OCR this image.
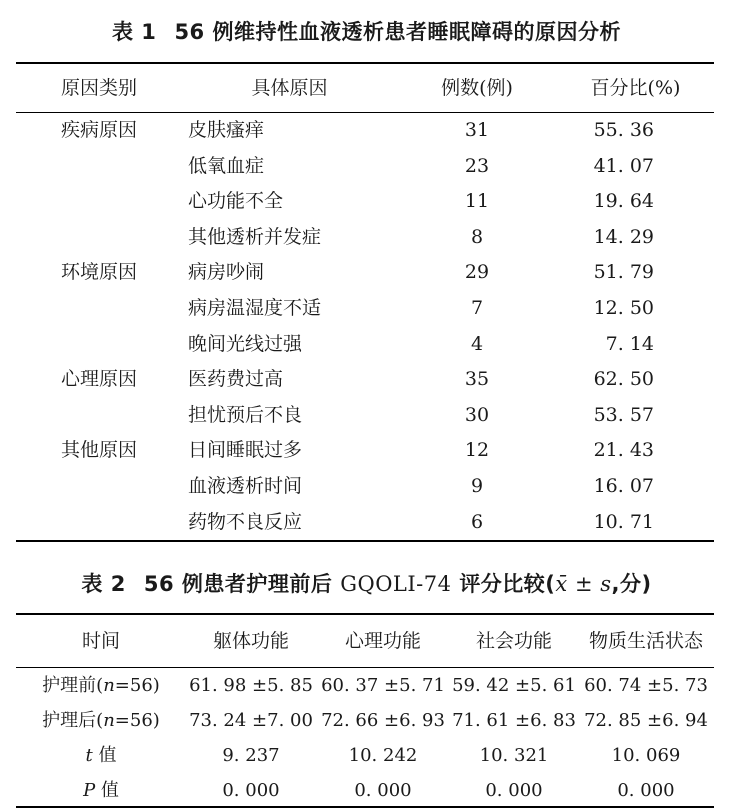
表 1 56 例维持性血液透析患者睡眠障碍的原因分析
原因类别	具体原因	例数(例)	百分比(%)

疾病原因	皮肤瘙痒	31	55. 36
	低氧血症	23	41. 07
	心功能不全	11	19. 64
	其他透析并发症	8	14. 29
环境原因	病房吵闹	29	51. 79
	病房温湿度不适	7	12. 50
	晚间光线过强	4	7. 14
心理原因	医药费过高	35	62. 50
	担忧预后不良	30	53. 57
其他原因	日间睡眠过多	12	21. 43
	血液透析时间	9	16. 07
	药物不良反应	6	10. 71
表 2 56 例患者护理前后 GQOLI-74 评分比较(x̄ ± s,分)
时间	躯体功能	心理功能	社会功能	物质生活状态

护理前(n=56)	61. 98 ±5. 85	60. 37 ±5. 71	59. 42 ±5. 61	60. 74 ±5. 73
护理后(n=56)	73. 24 ±7. 00	72. 66 ±6. 93	71. 61 ±6. 83	72. 85 ±6. 94
t 值	9. 237	10. 242	10. 321	10. 069
P 值	0. 000	0. 000	0. 000	0. 000
